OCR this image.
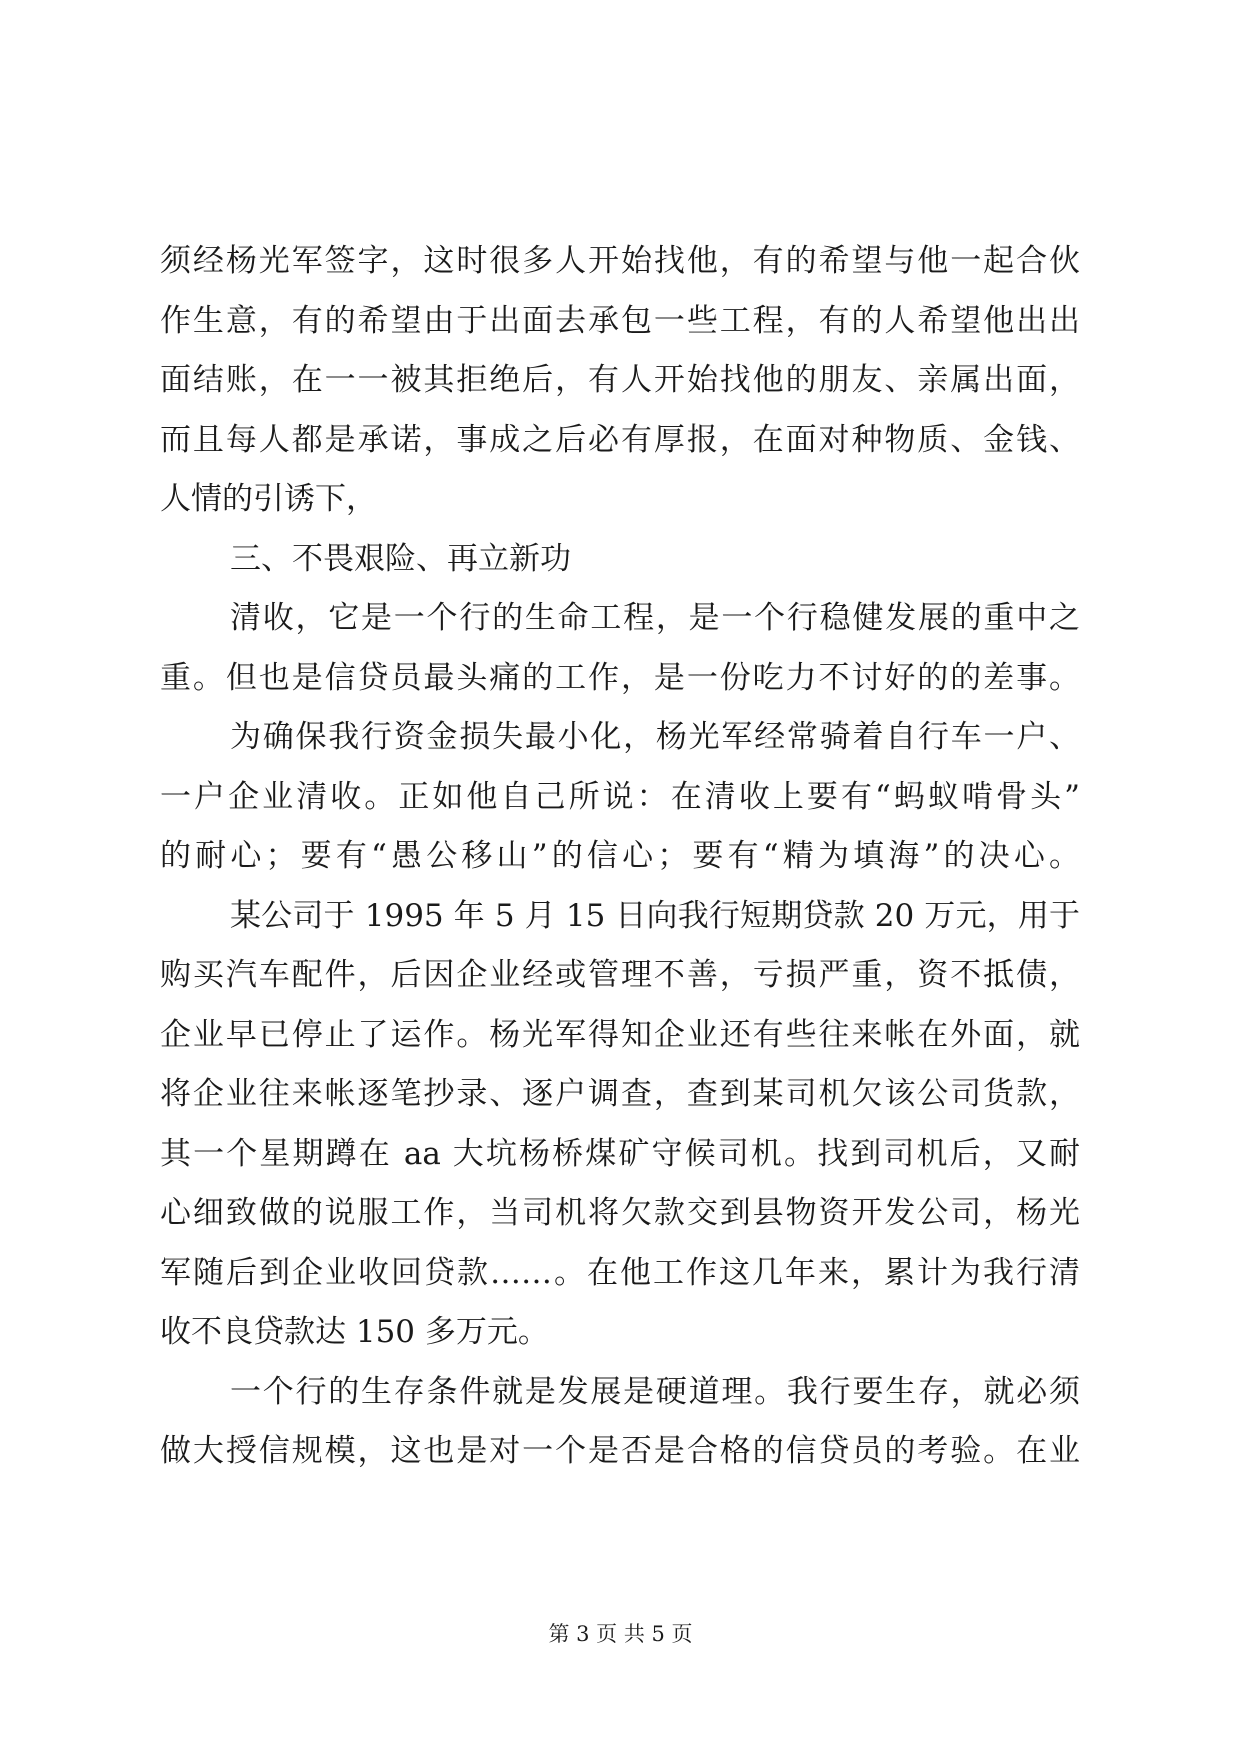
须经杨光军签字，这时很多人开始找他，有的希望与他一起合伙
作生意，有的希望由于出面去承包一些工程，有的人希望他出出
面结账，在一一被其拒绝后，有人开始找他的朋友、亲属出面，
而且每人都是承诺，事成之后必有厚报，在面对种物质、金钱、
人情的引诱下，
三、不畏艰险、再立新功
清收，它是一个行的生命工程，是一个行稳健发展的重中之
重。但也是信贷员最头痛的工作，是一份吃力不讨好的的差事。
为确保我行资金损失最小化，杨光军经常骑着自行车一户、
一户企业清收。正如他自己所说：在清收上要有“蚂蚁啃骨头”
的耐心；要有“愚公移山”的信心；要有“精为填海”的决心。
某公司于 1995 年 5 月 15 日向我行短期贷款 20 万元，用于
购买汽车配件，后因企业经或管理不善，亏损严重，资不抵债，
企业早已停止了运作。杨光军得知企业还有些往来帐在外面，就
将企业往来帐逐笔抄录、逐户调查，查到某司机欠该公司货款，
其一个星期蹲在 aa 大坑杨桥煤矿守候司机。找到司机后，又耐
心细致做的说服工作，当司机将欠款交到县物资开发公司，杨光
军随后到企业收回贷款……。在他工作这几年来，累计为我行清
收不良贷款达 150 多万元。
一个行的生存条件就是发展是硬道理。我行要生存，就必须
做大授信规模，这也是对一个是否是合格的信贷员的考验。在业
第 3 页 共 5 页
